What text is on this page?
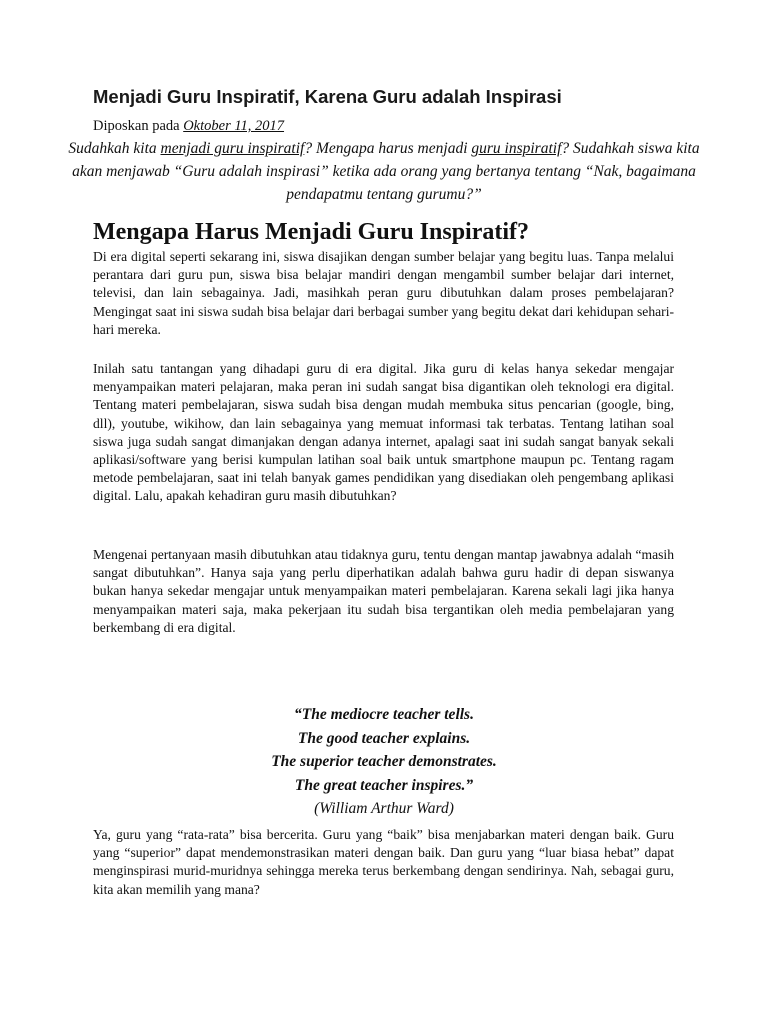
Menjadi Guru Inspiratif, Karena Guru adalah Inspirasi
Diposkan pada Oktober 11, 2017
Sudahkah kita menjadi guru inspiratif? Mengapa harus menjadi guru inspiratif? Sudahkah siswa kita akan menjawab “Guru adalah inspirasi” ketika ada orang yang bertanya tentang “Nak, bagaimana pendapatmu tentang gurumu?”
Mengapa Harus Menjadi Guru Inspiratif?

Di era digital seperti sekarang ini, siswa disajikan dengan sumber belajar yang begitu luas. Tanpa melalui perantara dari guru pun, siswa bisa belajar mandiri dengan mengambil sumber belajar dari internet, televisi, dan lain sebagainya. Jadi, masihkah peran guru dibutuhkan dalam proses pembelajaran? Mengingat saat ini siswa sudah bisa belajar dari berbagai sumber yang begitu dekat dari kehidupan sehari-hari mereka.

Inilah satu tantangan yang dihadapi guru di era digital. Jika guru di kelas hanya sekedar mengajar menyampaikan materi pelajaran, maka peran ini sudah sangat bisa digantikan oleh teknologi era digital. Tentang materi pembelajaran, siswa sudah bisa dengan mudah membuka situs pencarian (google, bing, dll), youtube, wikihow, dan lain sebagainya yang memuat informasi tak terbatas. Tentang latihan soal siswa juga sudah sangat dimanjakan dengan adanya internet, apalagi saat ini sudah sangat banyak sekali aplikasi/software yang berisi kumpulan latihan soal baik untuk smartphone maupun pc. Tentang ragam metode pembelajaran, saat ini telah banyak games pendidikan yang disediakan oleh pengembang aplikasi digital. Lalu, apakah kehadiran guru masih dibutuhkan?

Mengenai pertanyaan masih dibutuhkan atau tidaknya guru, tentu dengan mantap jawabnya adalah “masih sangat dibutuhkan”. Hanya saja yang perlu diperhatikan adalah bahwa guru hadir di depan siswanya bukan hanya sekedar mengajar untuk menyampaikan materi pembelajaran. Karena sekali lagi jika hanya menyampaikan materi saja, maka pekerjaan itu sudah bisa tergantikan oleh media pembelajaran yang berkembang di era digital.

“The mediocre teacher tells.
The good teacher explains.
The superior teacher demonstrates.
The great teacher inspires.”
(William Arthur Ward)

Ya, guru yang “rata-rata” bisa bercerita. Guru yang “baik” bisa menjabarkan materi dengan baik. Guru yang “superior” dapat mendemonstrasikan materi dengan baik. Dan guru yang “luar biasa hebat” dapat menginspirasi murid-muridnya sehingga mereka terus berkembang dengan sendirinya. Nah, sebagai guru, kita akan memilih yang mana?
